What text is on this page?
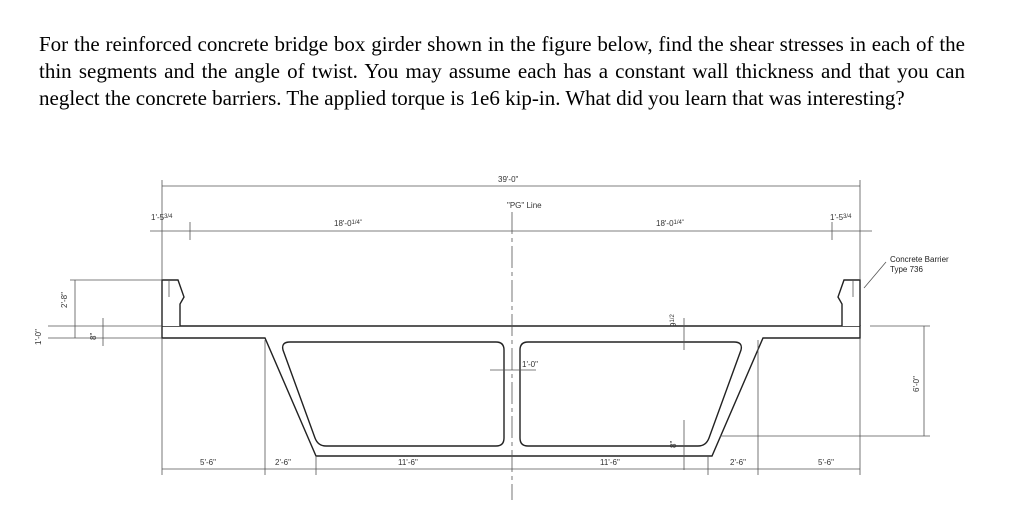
For the reinforced concrete bridge box girder shown in the figure below, find the shear stresses in each of the thin segments and the angle of twist. You may assume each has a constant wall thickness and that you can neglect the concrete barriers. The applied torque is 1e6 kip-in. What did you learn that was interesting?

39'-0"
"PG" Line
$1'-5^{3/4}$	$1'-5^{3/4}$
$18'-0^{1/4"}$	$18'-0^{1/4"}$
2'-8"
1'-0"	8"
1'-0"
$9^{1/2}$
8"
6'-0"
Concrete Barrier
Type 736
5'-6"	2'-6"	11'-6"	11'-6"	2'-6"	5'-6"
